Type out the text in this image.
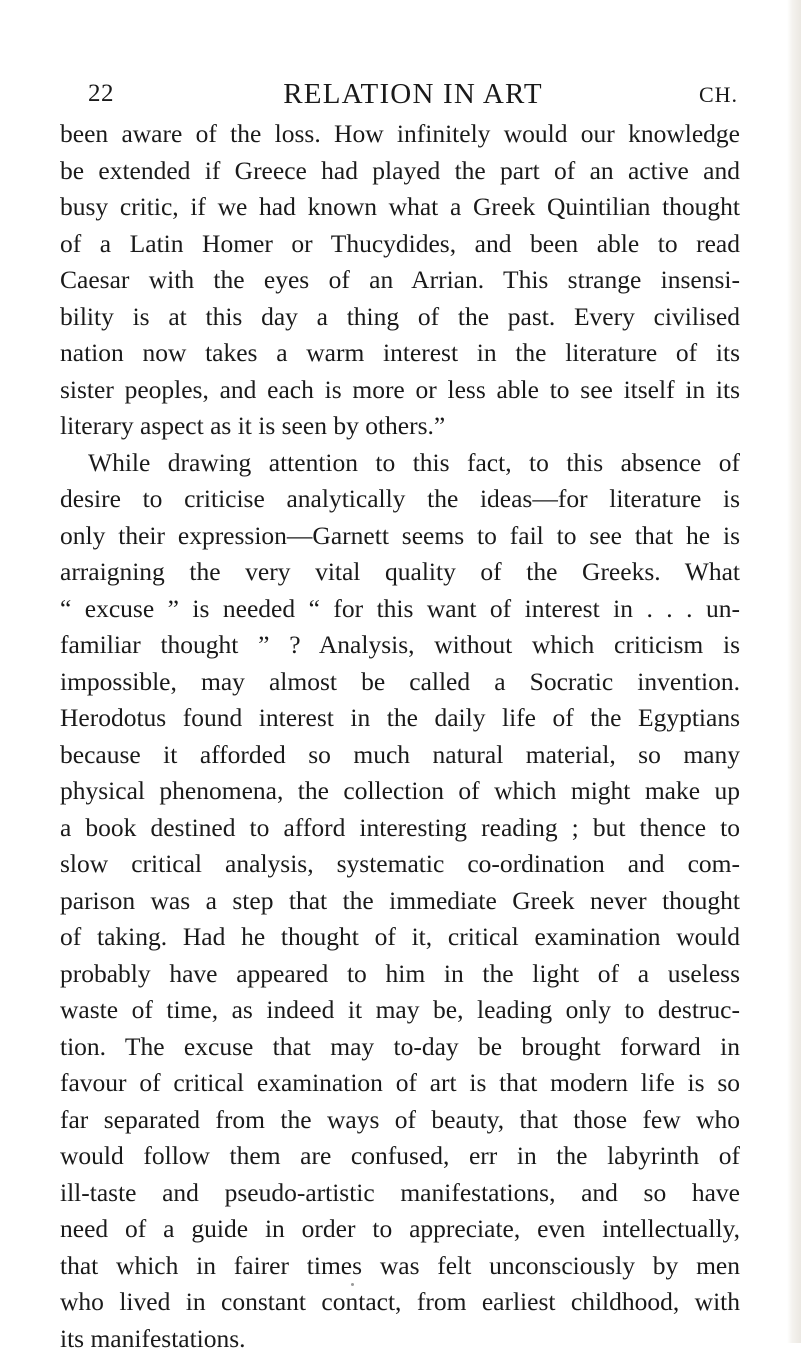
22	RELATION IN ART	CH.
been aware of the loss. How infinitely would our knowledge
be extended if Greece had played the part of an active and
busy critic, if we had known what a Greek Quintilian thought
of a Latin Homer or Thucydides, and been able to read
Caesar with the eyes of an Arrian. This strange insensi-
bility is at this day a thing of the past. Every civilised
nation now takes a warm interest in the literature of its
sister peoples, and each is more or less able to see itself in its
literary aspect as it is seen by others.”
While drawing attention to this fact, to this absence of
desire to criticise analytically the ideas—for literature is
only their expression—Garnett seems to fail to see that he is
arraigning the very vital quality of the Greeks. What
“ excuse ” is needed “ for this want of interest in . . . un-
familiar thought ” ? Analysis, without which criticism is
impossible, may almost be called a Socratic invention.
Herodotus found interest in the daily life of the Egyptians
because it afforded so much natural material, so many
physical phenomena, the collection of which might make up
a book destined to afford interesting reading ; but thence to
slow critical analysis, systematic co-ordination and com-
parison was a step that the immediate Greek never thought
of taking. Had he thought of it, critical examination would
probably have appeared to him in the light of a useless
waste of time, as indeed it may be, leading only to destruc-
tion. The excuse that may to-day be brought forward in
favour of critical examination of art is that modern life is so
far separated from the ways of beauty, that those few who
would follow them are confused, err in the labyrinth of
ill-taste and pseudo-artistic manifestations, and so have
need of a guide in order to appreciate, even intellectually,
that which in fairer times was felt unconsciously by men
who lived in constant contact, from earliest childhood, with
its manifestations.
